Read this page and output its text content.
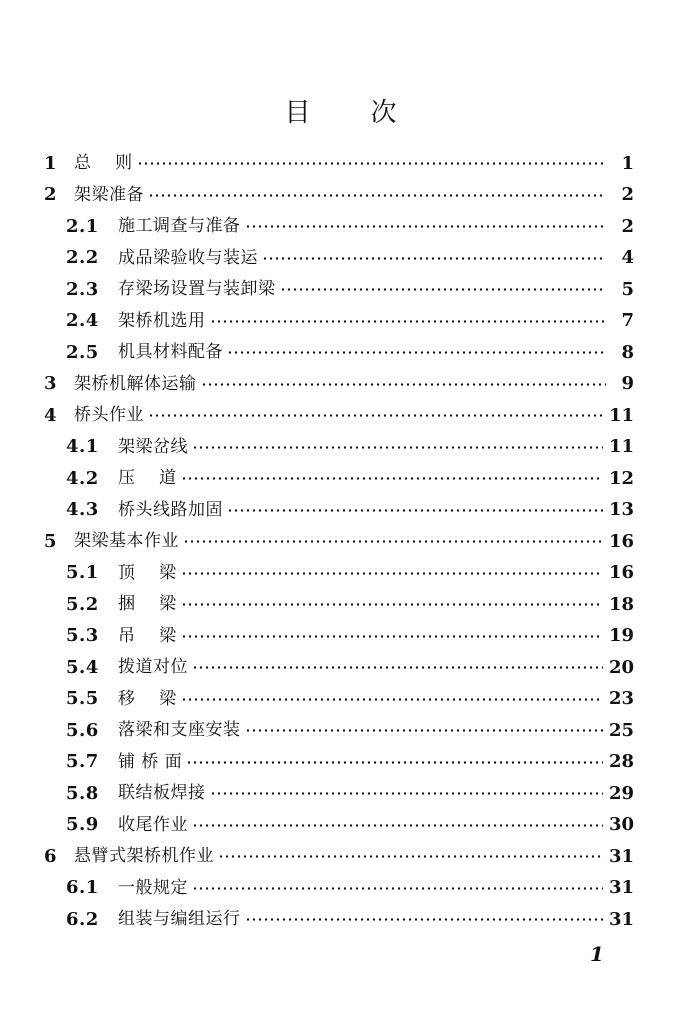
目 次
1	总    则	1
2	架梁准备	2
2.1	施工调查与准备	2
2.2	成品梁验收与装运	4
2.3	存梁场设置与装卸梁	5
2.4	架桥机选用	7
2.5	机具材料配备	8
3	架桥机解体运输	9
4	桥头作业	11
4.1	架梁岔线	11
4.2	压    道	12
4.3	桥头线路加固	13
5	架梁基本作业	16
5.1	顶    梁	16
5.2	捆    梁	18
5.3	吊    梁	19
5.4	拨道对位	20
5.5	移    梁	23
5.6	落梁和支座安装	25
5.7	铺 桥 面	28
5.8	联结板焊接	29
5.9	收尾作业	30
6	悬臂式架桥机作业	31
6.1	一般规定	31
6.2	组装与编组运行	31
1
